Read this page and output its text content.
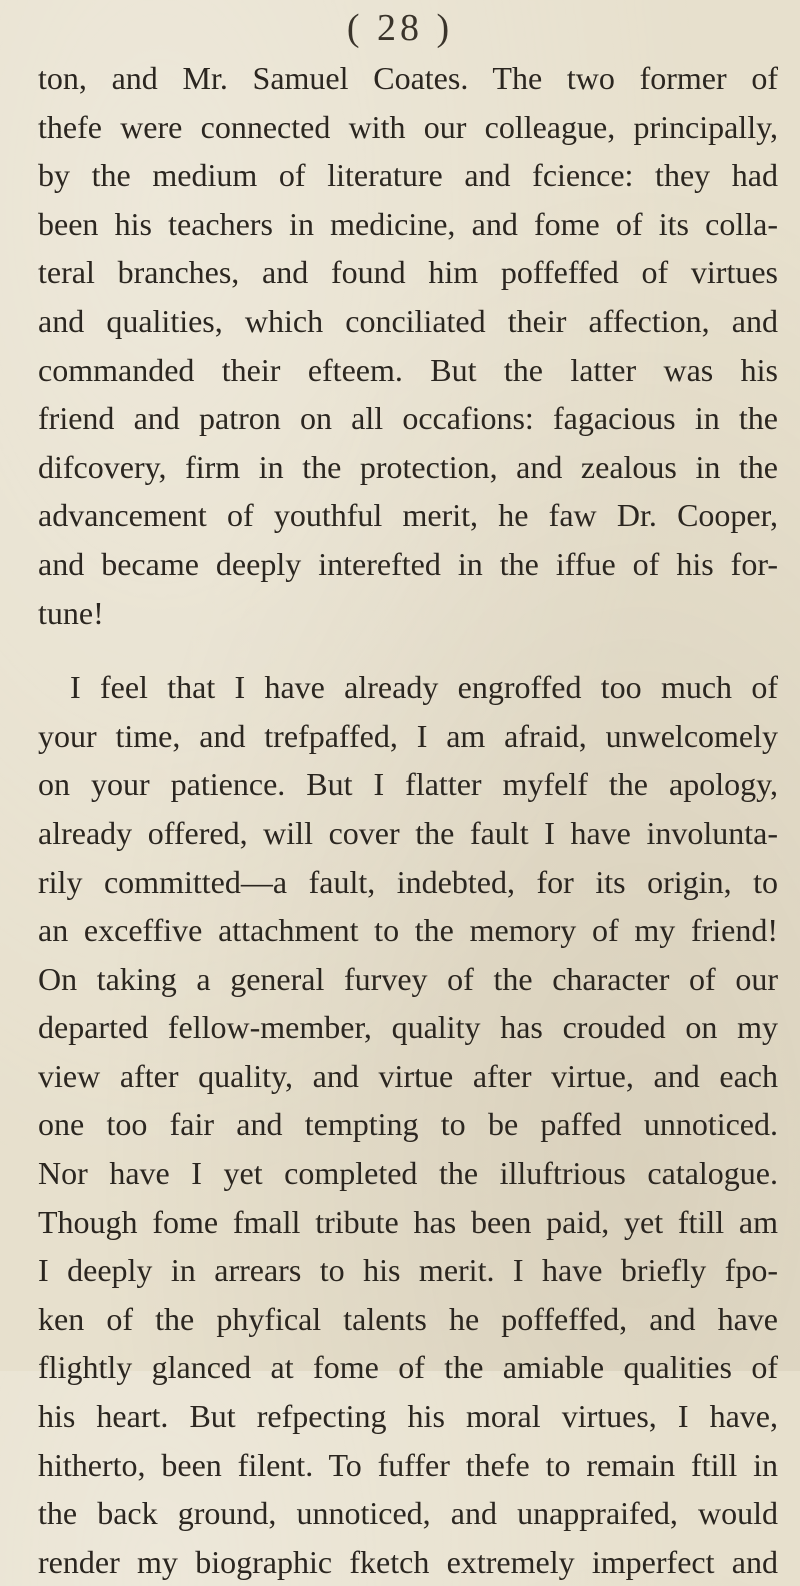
( 28 )
ton, and Mr. Samuel Coates. The two former of
thefe were connected with our colleague, principally,
by the medium of literature and fcience: they had
been his teachers in medicine, and fome of its colla-
teral branches, and found him poffeffed of virtues
and qualities, which conciliated their affection, and
commanded their efteem. But the latter was his
friend and patron on all occafions: fagacious in the
difcovery, firm in the protection, and zealous in the
advancement of youthful merit, he faw Dr. Cooper,
and became deeply interefted in the iffue of his for-
tune!
I feel that I have already engroffed too much of
your time, and trefpaffed, I am afraid, unwelcomely
on your patience. But I flatter myfelf the apology,
already offered, will cover the fault I have involunta-
rily committed—a fault, indebted, for its origin, to
an exceffive attachment to the memory of my friend!
On taking a general furvey of the character of our
departed fellow-member, quality has crouded on my
view after quality, and virtue after virtue, and each
one too fair and tempting to be paffed unnoticed.
Nor have I yet completed the illuftrious catalogue.
Though fome fmall tribute has been paid, yet ftill am
I deeply in arrears to his merit. I have briefly fpo-
ken of the phyfical talents he poffeffed, and have
flightly glanced at fome of the amiable qualities of
his heart. But refpecting his moral virtues, I have,
hitherto, been filent. To fuffer thefe to remain ftill in
the back ground, unnoticed, and unappraifed, would
render my biographic fketch extremely imperfect and
